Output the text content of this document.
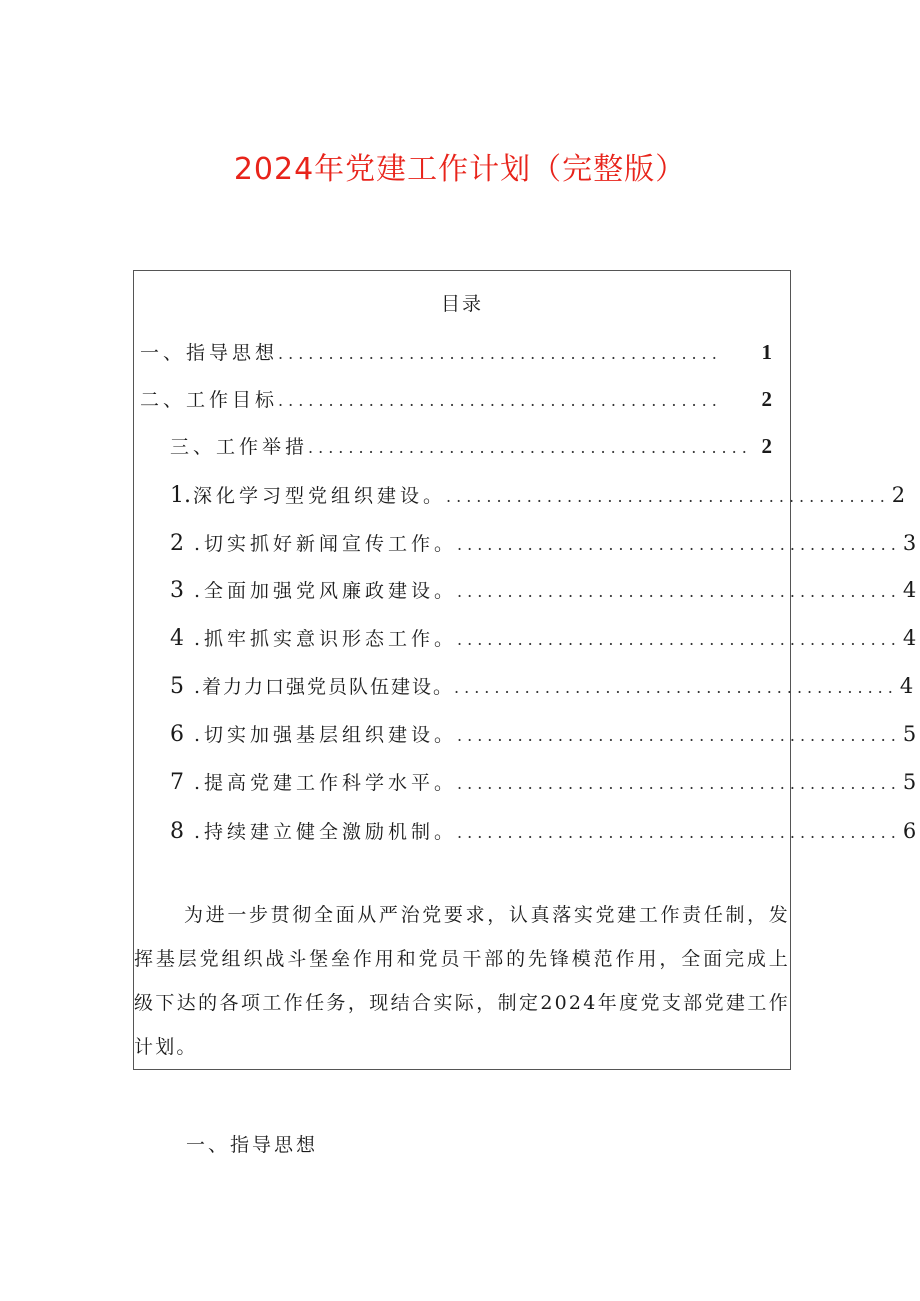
2024年党建工作计划（完整版）
目录
一、指导思想 ............................................	1
二、工作目标 ............................................	2
三、工作举措 ............................................ 2
1. 深化学习型党组织建设。 ............................................ 2
2 .切实抓好新闻宣传工作。 ............................................ 3
3 .全面加强党风廉政建设。 ............................................ 4
4 .抓牢抓实意识形态工作。 ............................................ 4
5 .着力力口强党员队伍建设。 ............................................ 4
6 .切实加强基层组织建设。 ............................................ 5
7 .提高党建工作科学水平。 ............................................ 5
8 .持续建立健全激励机制。 ............................................ 6

为进一步贯彻全面从严治党要求，认真落实党建工作责任制，发挥基层党组织战斗堡垒作用和党员干部的先锋模范作用，全面完成上级下达的各项工作任务，现结合实际，制定2024年度党支部党建工作计划。

一、指导思想
